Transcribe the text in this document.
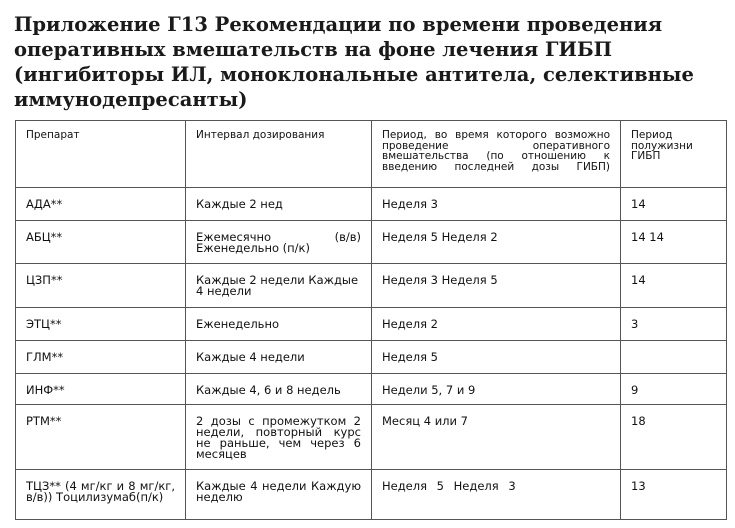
Приложение Г13 Рекомендации по времени проведения оперативных вмешательств на фоне лечения ГИБП (ингибиторы ИЛ, моноклональные антитела, селективные иммунодепресанты)
Препарат	Интервал дозирования	Период, во время которого возможно проведение оперативного вмешательства (по отношению к введению последней дозы ГИБП)	Период полужизни ГИБП
АДА**	Каждые 2 нед	Неделя 3	14
АБЦ**	Ежемесячно (в/в) Еженедельно (п/к)	Неделя 5 Неделя 2	14 14
ЦЗП**	Каждые 2 недели Каждые 4 недели	Неделя 3 Неделя 5	14
ЭТЦ**	Еженедельно	Неделя 2	3
ГЛМ**	Каждые 4 недели	Неделя 5	
ИНФ**	Каждые 4, 6 и 8 недель	Недели 5, 7 и 9	9
РТМ**	2 дозы с промежутком 2 недели, повторный курс не раньше, чем через 6 месяцев	Месяц 4 или 7	18
ТЦЗ** (4 мг/кг и 8 мг/кг, в/в)) Тоцилизумаб(п/к)	Каждые 4 недели Каждую неделю	Неделя 5 Неделя 3	13
